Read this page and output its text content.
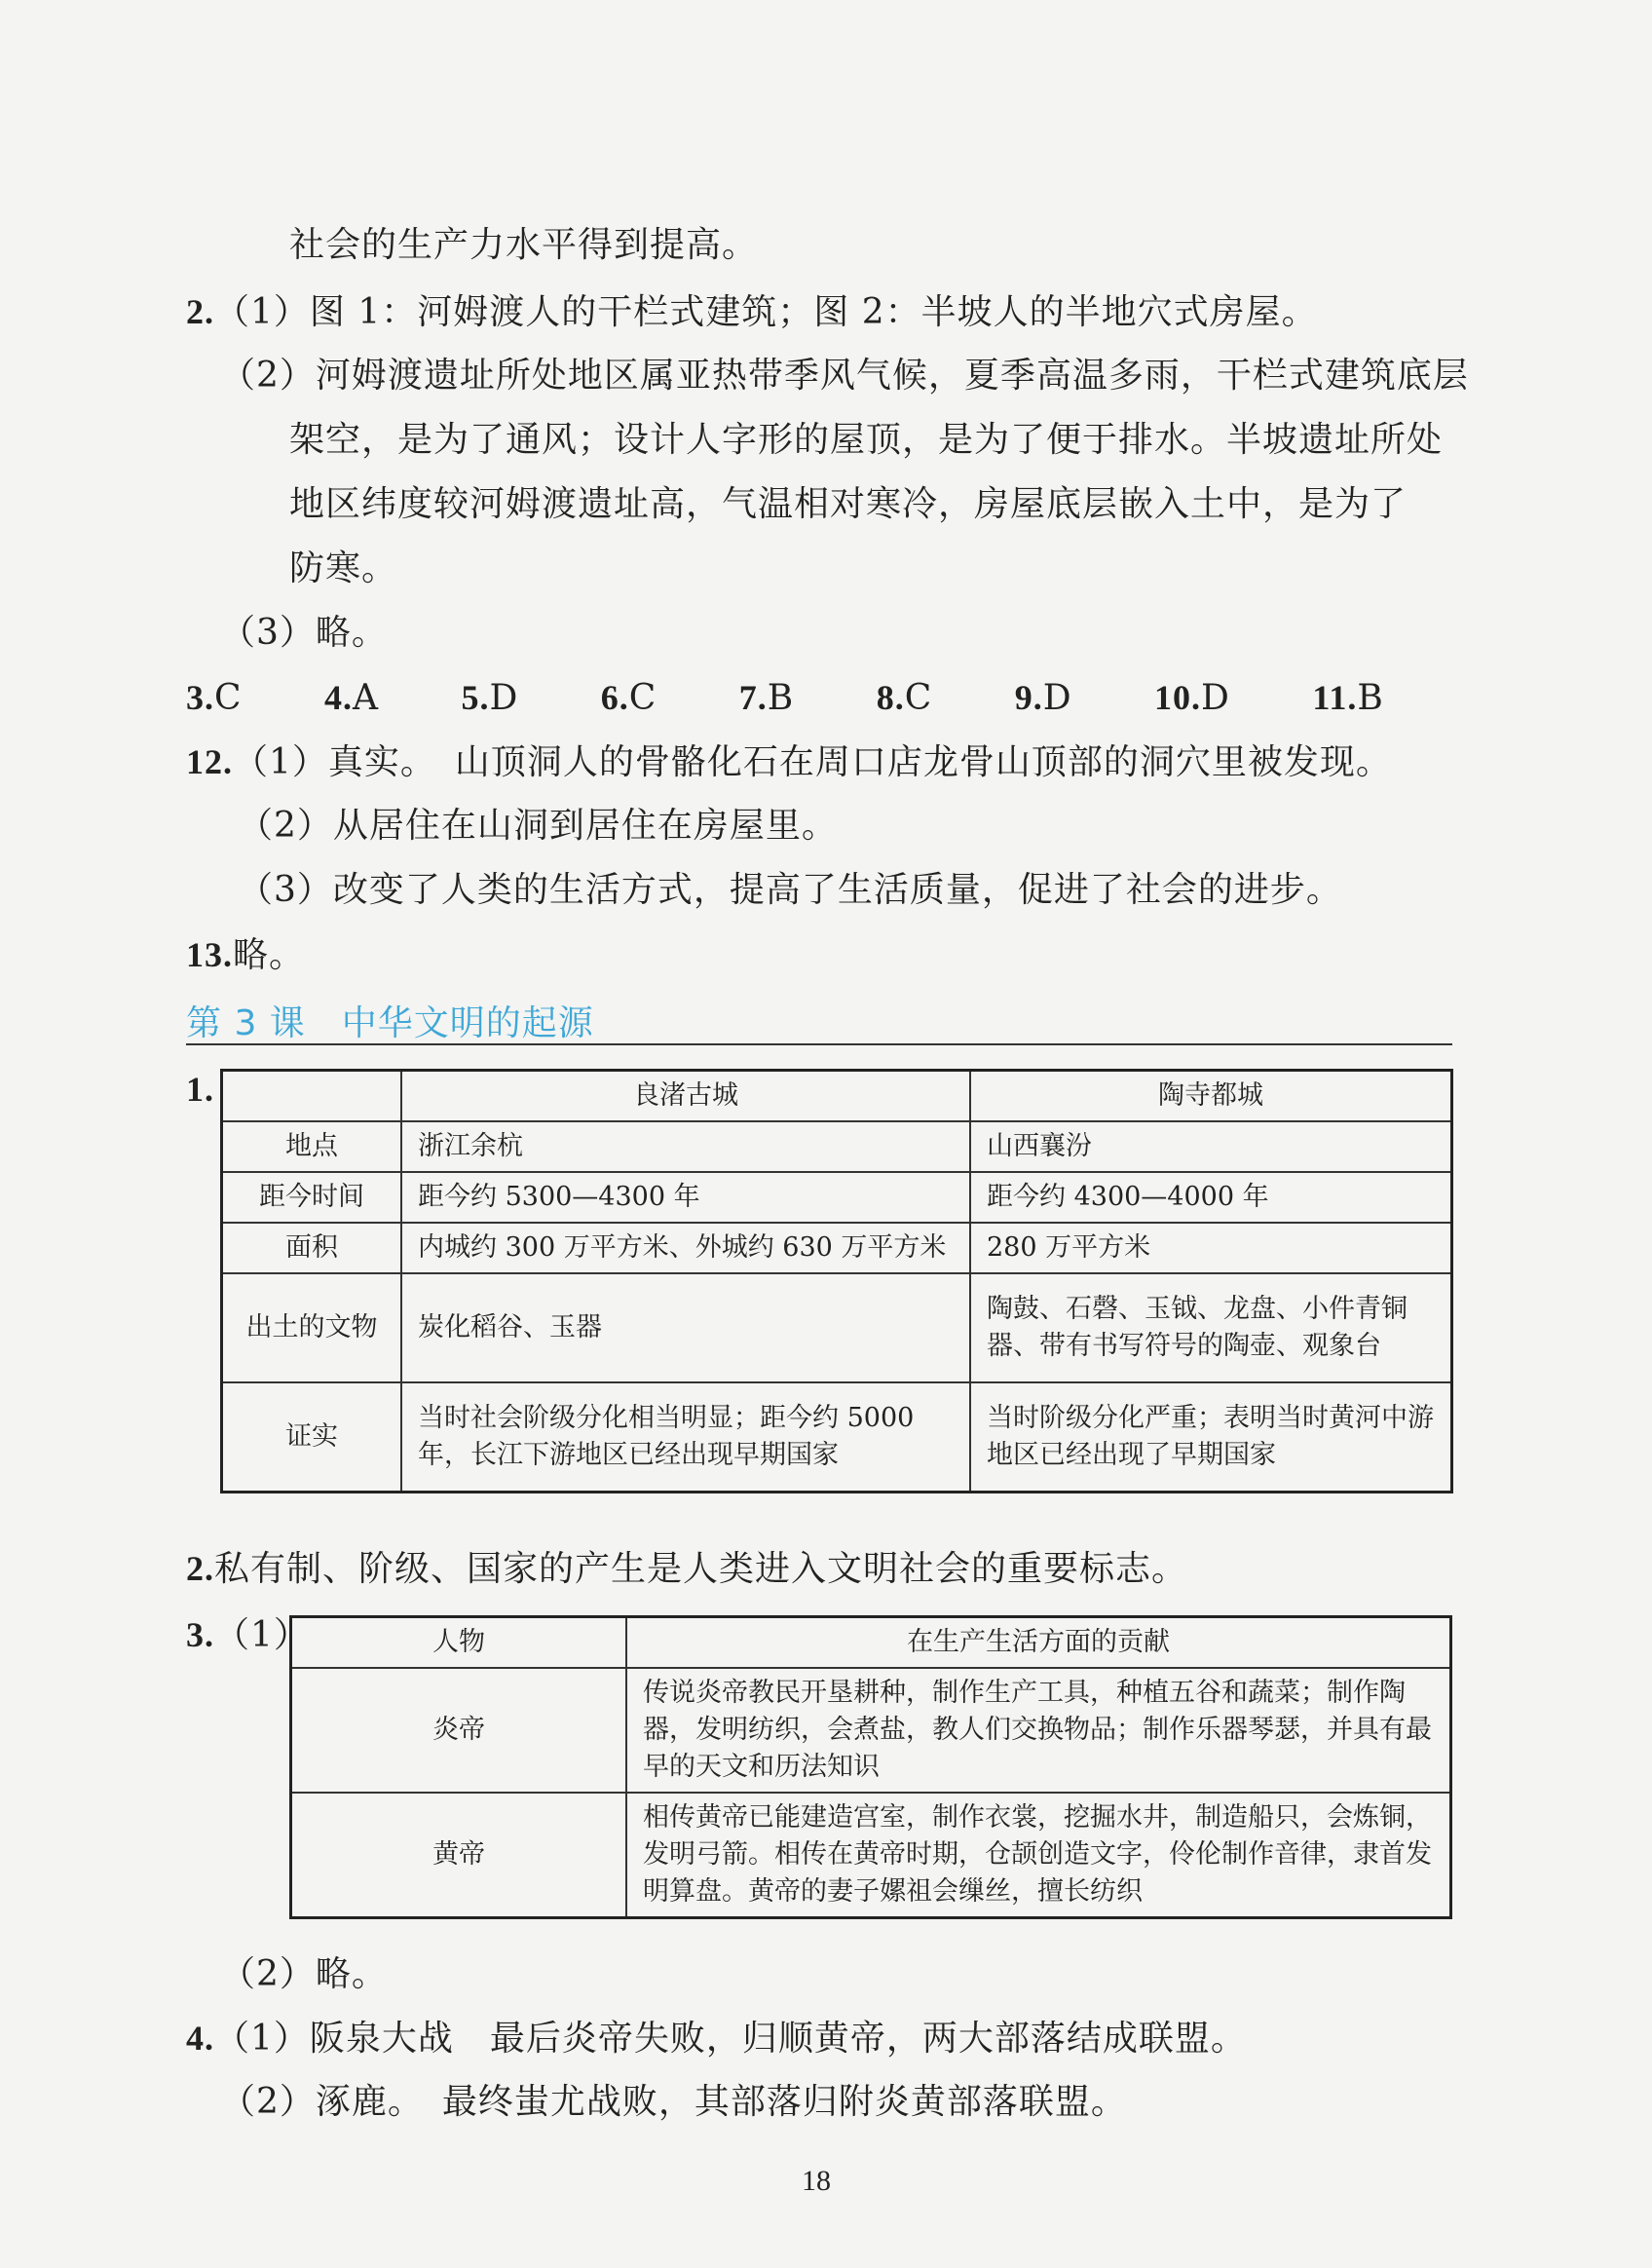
社会的生产力水平得到提高。
2.（1）图 1：河姆渡人的干栏式建筑；图 2：半坡人的半地穴式房屋。
（2）河姆渡遗址所处地区属亚热带季风气候，夏季高温多雨，干栏式建筑底层
架空，是为了通风；设计人字形的屋顶，是为了便于排水。半坡遗址所处
地区纬度较河姆渡遗址高，气温相对寒冷，房屋底层嵌入土中，是为了
防寒。
（3）略。
3.C 4.A 5.D 6.C 7.B 8.C 9.D 10.D 11.B
12.（1）真实。　山顶洞人的骨骼化石在周口店龙骨山顶部的洞穴里被发现。
（2）从居住在山洞到居住在房屋里。
（3）改变了人类的生活方式，提高了生活质量，促进了社会的进步。
13.略。
第 3 课　中华文明的起源
1.
		良渚古城	陶寺都城
地点	浙江余杭	山西襄汾
距今时间	距今约 5300—4300 年	距今约 4300—4000 年
面积	内城约 300 万平方米、外城约 630 万平方米	280 万平方米
出土的文物	炭化稻谷、玉器	陶鼓、石磬、玉钺、龙盘、小件青铜器、带有书写符号的陶壶、观象台
证实	当时社会阶级分化相当明显；距今约 5000 年，长江下游地区已经出现早期国家	当时阶级分化严重；表明当时黄河中游地区已经出现了早期国家
2.私有制、阶级、国家的产生是人类进入文明社会的重要标志。
3.（1）	人物	在生产生活方面的贡献
炎帝	传说炎帝教民开垦耕种，制作生产工具，种植五谷和蔬菜；制作陶器，发明纺织，会煮盐，教人们交换物品；制作乐器琴瑟，并具有最早的天文和历法知识
黄帝	相传黄帝已能建造宫室，制作衣裳，挖掘水井，制造船只，会炼铜，发明弓箭。相传在黄帝时期，仓颉创造文字，伶伦制作音律，隶首发明算盘。黄帝的妻子嫘祖会缫丝，擅长纺织
（2）略。
4.（1）阪泉大战　最后炎帝失败，归顺黄帝，两大部落结成联盟。
（2）涿鹿。　最终蚩尤战败，其部落归附炎黄部落联盟。
18
